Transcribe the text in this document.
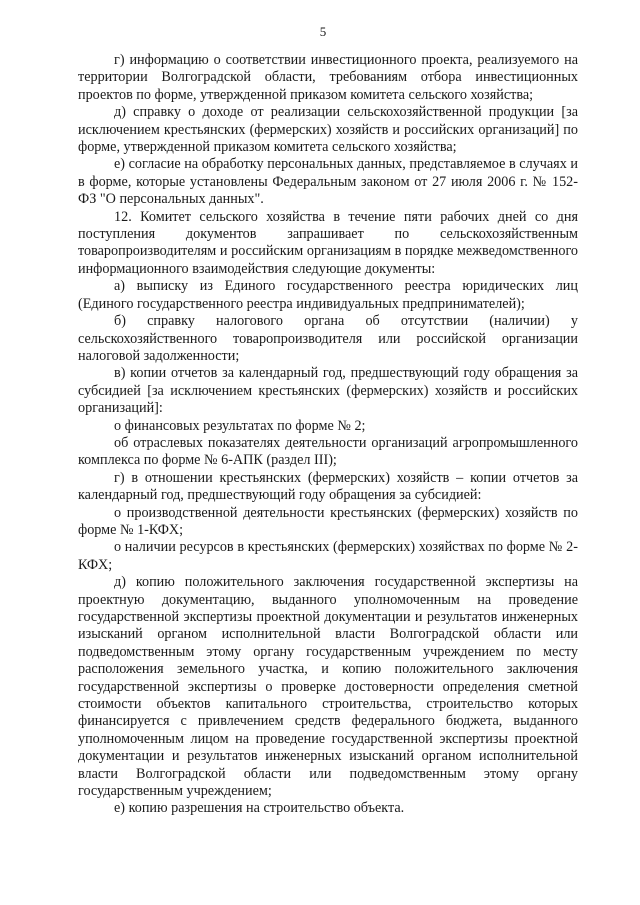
5

г) информацию о соответствии инвестиционного проекта, реализуемого на территории Волгоградской области, требованиям отбора инвестиционных проектов по форме, утвержденной приказом комитета сельского хозяйства;

д) справку о доходе от реализации сельскохозяйственной продукции [за исключением крестьянских (фермерских) хозяйств и российских организаций] по форме, утвержденной приказом комитета сельского хозяйства;

е) согласие на обработку персональных данных, представляемое в случаях и в форме, которые установлены Федеральным законом от 27 июля 2006 г. № 152-ФЗ "О персональных данных".

12. Комитет сельского хозяйства в течение пяти рабочих дней со дня поступления документов запрашивает по сельскохозяйственным товаропроизводителям и российским организациям в порядке межведомственного информационного взаимодействия следующие документы:

а) выписку из Единого государственного реестра юридических лиц (Единого государственного реестра индивидуальных предпринимателей);

б) справку налогового органа об отсутствии (наличии) у сельскохозяйственного товаропроизводителя или российской организации налоговой задолженности;

в) копии отчетов за календарный год, предшествующий году обращения за субсидией [за исключением крестьянских (фермерских) хозяйств и российских организаций]:

о финансовых результатах по форме № 2;

об отраслевых показателях деятельности организаций агропромышленного комплекса по форме № 6-АПК (раздел III);

г) в отношении крестьянских (фермерских) хозяйств – копии отчетов за календарный год, предшествующий году обращения за субсидией:

о производственной деятельности крестьянских (фермерских) хозяйств по форме № 1-КФХ;

о наличии ресурсов в крестьянских (фермерских) хозяйствах по форме № 2-КФХ;

д) копию положительного заключения государственной экспертизы на проектную документацию, выданного уполномоченным на проведение государственной экспертизы проектной документации и результатов инженерных изысканий органом исполнительной власти Волгоградской области или подведомственным этому органу государственным учреждением по месту расположения земельного участка, и копию положительного заключения государственной экспертизы о проверке достоверности определения сметной стоимости объектов капитального строительства, строительство которых финансируется с привлечением средств федерального бюджета, выданного уполномоченным лицом на проведение государственной экспертизы проектной документации и результатов инженерных изысканий органом исполнительной власти Волгоградской области или подведомственным этому органу государственным учреждением;

е) копию разрешения на строительство объекта.
